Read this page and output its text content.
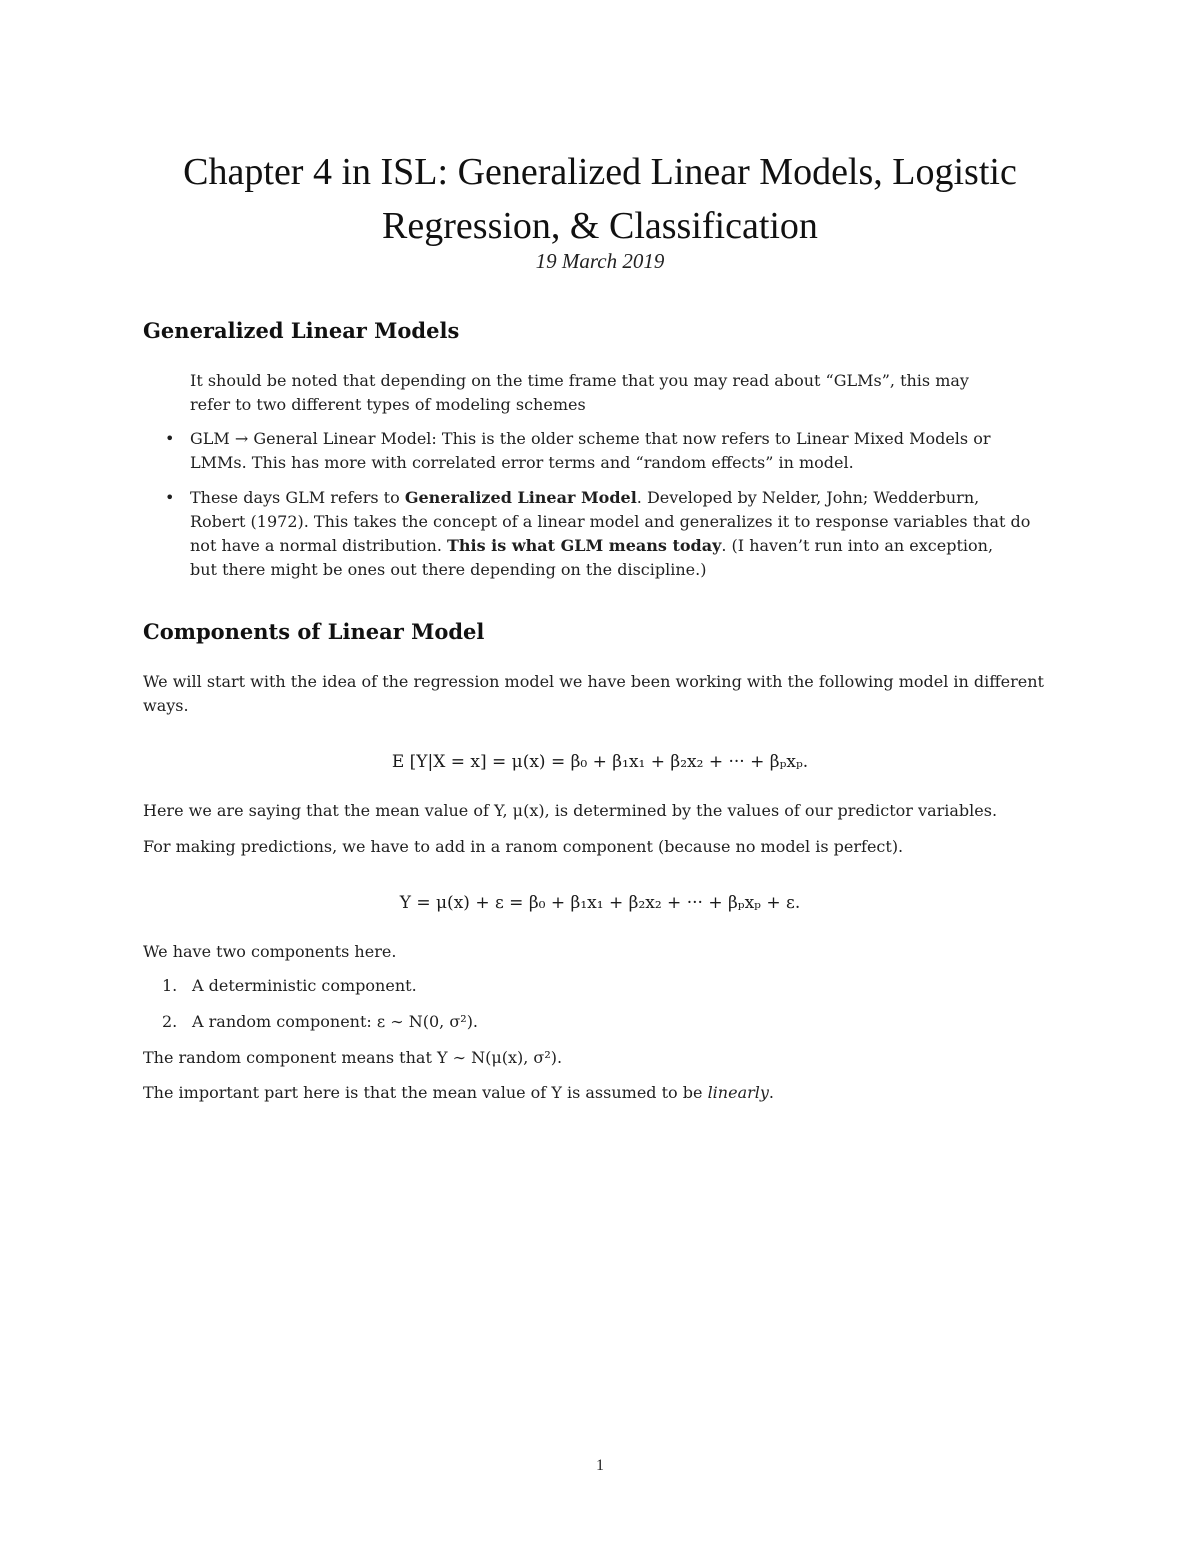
Chapter 4 in ISL: Generalized Linear Models, Logistic
Regression, & Classification
19 March 2019
Generalized Linear Models
It should be noted that depending on the time frame that you may read about “GLMs”, this may
refer to two different types of modeling schemes
• GLM → General Linear Model: This is the older scheme that now refers to Linear Mixed Models or
LMMs. This has more with correlated error terms and “random effects” in model.
• These days GLM refers to Generalized Linear Model. Developed by Nelder, John; Wedderburn,
Robert (1972). This takes the concept of a linear model and generalizes it to response variables that do
not have a normal distribution. This is what GLM means today. (I haven’t run into an exception,
but there might be ones out there depending on the discipline.)
Components of Linear Model
We will start with the idea of the regression model we have been working with the following model in different
ways.
E [Y|X = x] = μ(x) = β₀ + β₁x₁ + β₂x₂ + ··· + βₚxₚ.
Here we are saying that the mean value of Y, μ(x), is determined by the values of our predictor variables.
For making predictions, we have to add in a ranom component (because no model is perfect).
Y = μ(x) + ε = β₀ + β₁x₁ + β₂x₂ + ··· + βₚxₚ + ε.
We have two components here.
1. A deterministic component.
2. A random component: ε ∼ N(0, σ²).
The random component means that Y ∼ N(μ(x), σ²).
The important part here is that the mean value of Y is assumed to be linearly.
1
